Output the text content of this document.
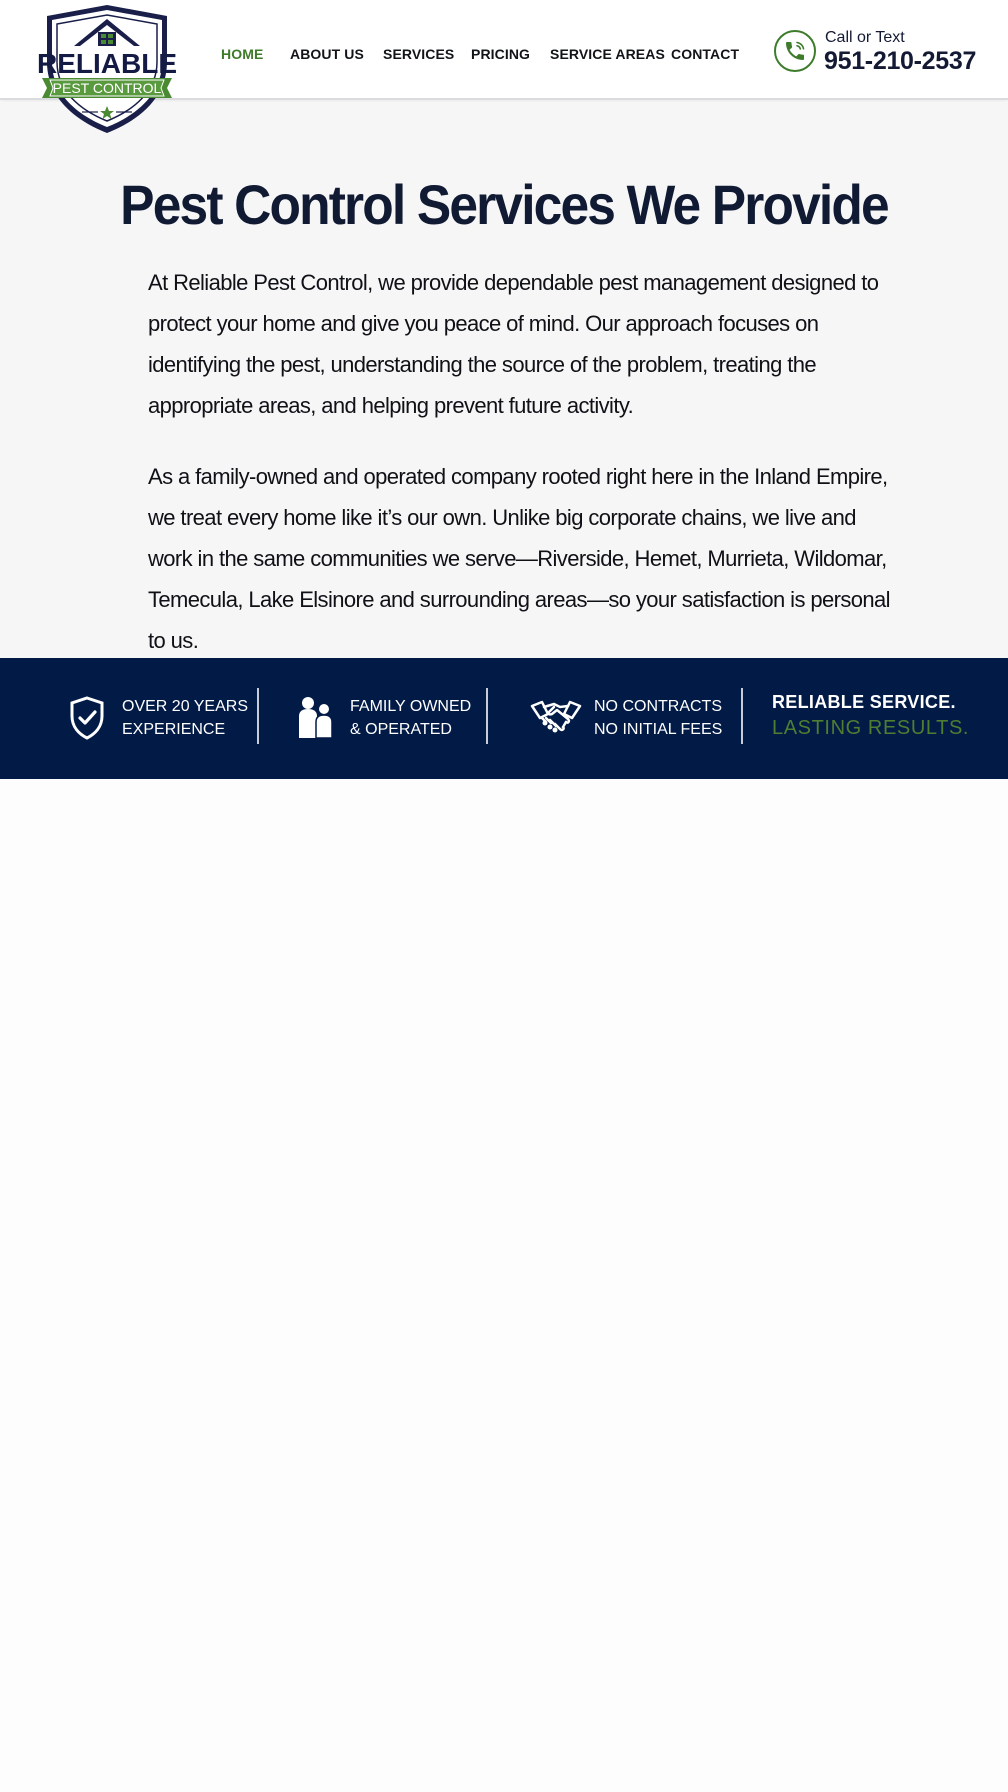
RELIABLE
PEST CONTROL
HOME ABOUT US SERVICES PRICING SERVICE AREAS CONTACT
Call or Text
951-210-2537
Pest Control Services We Provide

At Reliable Pest Control, we provide dependable pest management designed to protect your home and give you peace of mind. Our approach focuses on identifying the pest, understanding the source of the problem, treating the appropriate areas, and helping prevent future activity.

As a family-owned and operated company rooted right here in the Inland Empire, we treat every home like it’s our own. Unlike big corporate chains, we live and work in the same communities we serve—Riverside, Hemet, Murrieta, Wildomar, Temecula, Lake Elsinore and surrounding areas—so your satisfaction is personal to us.

OVER 20 YEARS
EXPERIENCE
FAMILY OWNED
& OPERATED
NO CONTRACTS
NO INITIAL FEES
RELIABLE SERVICE.
LASTING RESULTS.
